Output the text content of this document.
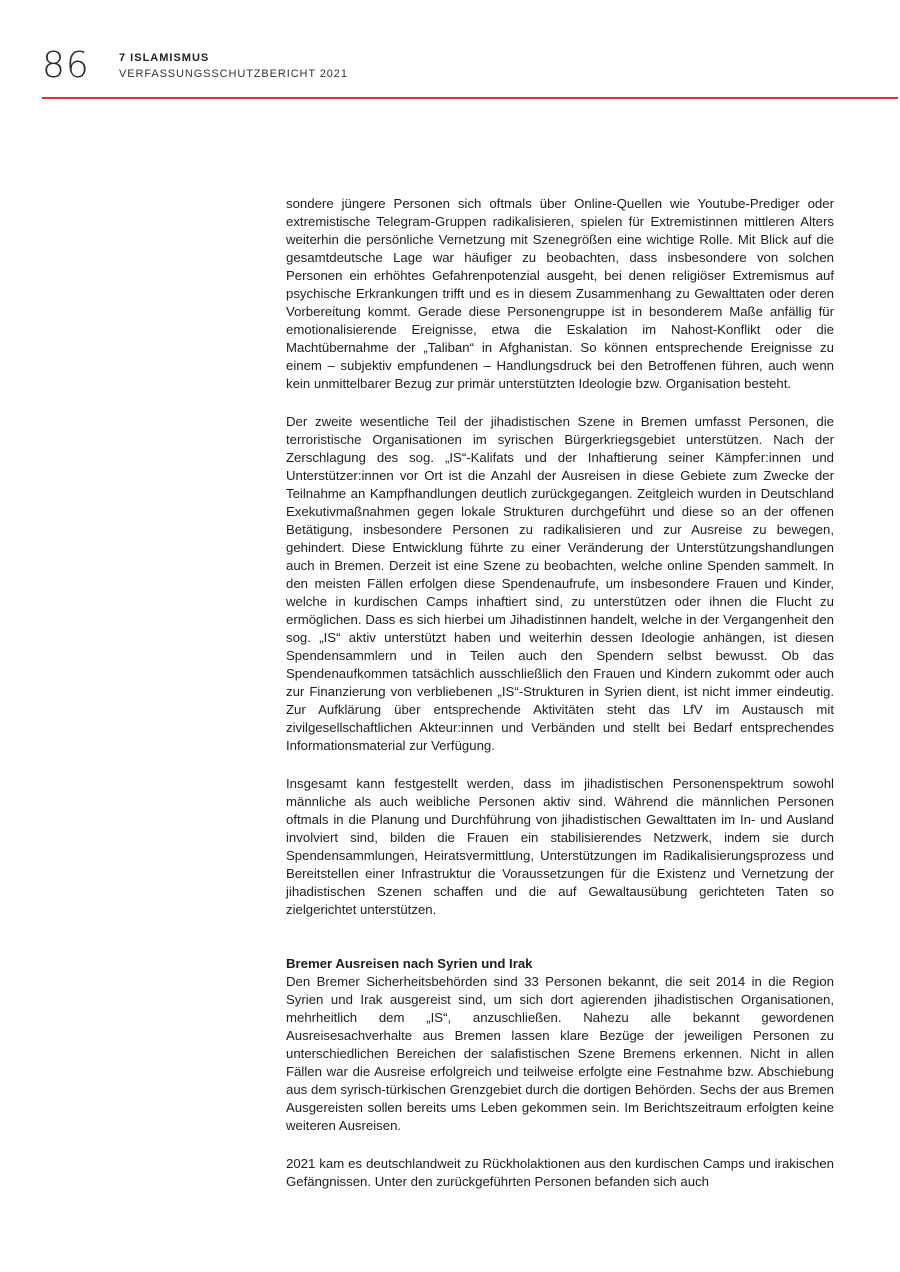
86	7 ISLAMISMUS
VERFASSUNGSSCHUTZBERICHT 2021

sondere jüngere Personen sich oftmals über Online-Quellen wie Youtube-Prediger oder extremistische Telegram-Gruppen radikalisieren, spielen für Extremistinnen mittleren Alters weiterhin die persönliche Vernetzung mit Szenegrößen eine wichtige Rolle. Mit Blick auf die gesamtdeutsche Lage war häufiger zu beobachten, dass insbesondere von solchen Personen ein erhöhtes Gefahrenpotenzial ausgeht, bei denen religiöser Extremismus auf psychische Erkrankungen trifft und es in diesem Zusammenhang zu Gewalttaten oder deren Vorbereitung kommt. Gerade diese Personengruppe ist in besonderem Maße anfällig für emotionalisierende Ereignisse, etwa die Eskalation im Nahost-Konflikt oder die Machtübernahme der „Taliban“ in Afghanistan. So können entsprechende Ereignisse zu einem – subjektiv empfundenen – Handlungsdruck bei den Betroffenen führen, auch wenn kein unmittelbarer Bezug zur primär unterstützten Ideologie bzw. Organisation besteht.

Der zweite wesentliche Teil der jihadistischen Szene in Bremen umfasst Personen, die terroristische Organisationen im syrischen Bürgerkriegsgebiet unterstützen. Nach der Zerschlagung des sog. „IS“-Kalifats und der Inhaftierung seiner Kämpfer:innen und Unterstützer:innen vor Ort ist die Anzahl der Ausreisen in diese Gebiete zum Zwecke der Teilnahme an Kampfhandlungen deutlich zurückgegangen. Zeitgleich wurden in Deutschland Exekutivmaßnahmen gegen lokale Strukturen durchgeführt und diese so an der offenen Betätigung, insbesondere Personen zu radikalisieren und zur Ausreise zu bewegen, gehindert. Diese Entwicklung führte zu einer Veränderung der Unterstützungshandlungen auch in Bremen. Derzeit ist eine Szene zu beobachten, welche online Spenden sammelt. In den meisten Fällen erfolgen diese Spendenaufrufe, um insbesondere Frauen und Kinder, welche in kurdischen Camps inhaftiert sind, zu unterstützen oder ihnen die Flucht zu ermöglichen. Dass es sich hierbei um Jihadistinnen handelt, welche in der Vergangenheit den sog. „IS“ aktiv unterstützt haben und weiterhin dessen Ideologie anhängen, ist diesen Spendensammlern und in Teilen auch den Spendern selbst bewusst. Ob das Spendenaufkommen tatsächlich ausschließlich den Frauen und Kindern zukommt oder auch zur Finanzierung von verbliebenen „IS“-Strukturen in Syrien dient, ist nicht immer eindeutig. Zur Aufklärung über entsprechende Aktivitäten steht das LfV im Austausch mit zivilgesellschaftlichen Akteur:innen und Verbänden und stellt bei Bedarf entsprechendes Informationsmaterial zur Verfügung.

Insgesamt kann festgestellt werden, dass im jihadistischen Personenspektrum sowohl männliche als auch weibliche Personen aktiv sind. Während die männlichen Personen oftmals in die Planung und Durchführung von jihadistischen Gewalttaten im In- und Ausland involviert sind, bilden die Frauen ein stabilisierendes Netzwerk, indem sie durch Spendensammlungen, Heiratsvermittlung, Unterstützungen im Radikalisierungsprozess und Bereitstellen einer Infrastruktur die Voraussetzungen für die Existenz und Vernetzung der jihadistischen Szenen schaffen und die auf Gewaltausübung gerichteten Taten so zielgerichtet unterstützen.

Bremer Ausreisen nach Syrien und Irak

Den Bremer Sicherheitsbehörden sind 33 Personen bekannt, die seit 2014 in die Region Syrien und Irak ausgereist sind, um sich dort agierenden jihadistischen Organisationen, mehrheitlich dem „IS“, anzuschließen. Nahezu alle bekannt gewordenen Ausreisesachverhalte aus Bremen lassen klare Bezüge der jeweiligen Personen zu unterschiedlichen Bereichen der salafistischen Szene Bremens erkennen. Nicht in allen Fällen war die Ausreise erfolgreich und teilweise erfolgte eine Festnahme bzw. Abschiebung aus dem syrisch-türkischen Grenzgebiet durch die dortigen Behörden. Sechs der aus Bremen Ausgereisten sollen bereits ums Leben gekommen sein. Im Berichtszeitraum erfolgten keine weiteren Ausreisen.

2021 kam es deutschlandweit zu Rückholaktionen aus den kurdischen Camps und irakischen Gefängnissen. Unter den zurückgeführten Personen befanden sich auch
